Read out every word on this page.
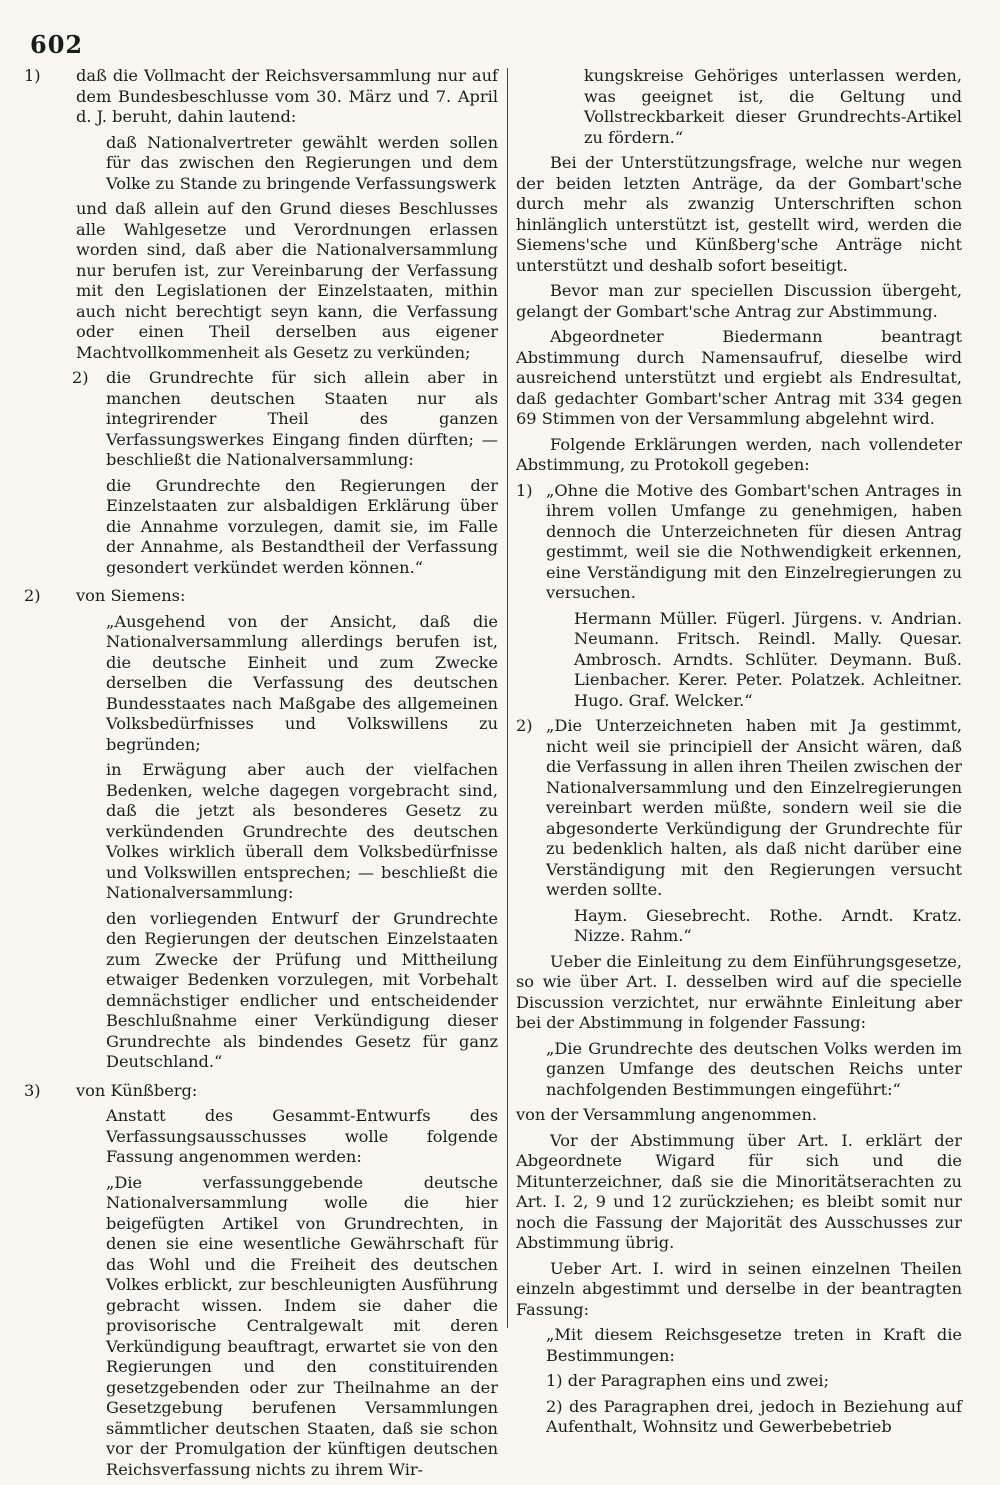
602

1) daß die Vollmacht der Reichsversammlung nur auf dem Bundesbeschlusse vom 30. März und 7. April d. J. beruht, dahin lautend:

daß Nationalvertreter gewählt werden sollen für das zwischen den Regierungen und dem Volke zu Stande zu bringende Verfassungswerk

und daß allein auf den Grund dieses Beschlusses alle Wahlgesetze und Verordnungen erlassen worden sind, daß aber die Nationalversammlung nur berufen ist, zur Vereinbarung der Verfassung mit den Legislationen der Einzelstaaten, mithin auch nicht berechtigt seyn kann, die Verfassung oder einen Theil derselben aus eigener Machtvollkommenheit als Gesetz zu verkünden;

2) die Grundrechte für sich allein aber in manchen deutschen Staaten nur als integrirender Theil des ganzen Verfassungswerkes Eingang finden dürften; — beschließt die Nationalversammlung:

die Grundrechte den Regierungen der Einzelstaaten zur alsbaldigen Erklärung über die Annahme vorzulegen, damit sie, im Falle der Annahme, als Bestandtheil der Verfassung gesondert verkündet werden können.“

2) von Siemens:

„Ausgehend von der Ansicht, daß die Nationalversammlung allerdings berufen ist, die deutsche Einheit und zum Zwecke derselben die Verfassung des deutschen Bundesstaates nach Maßgabe des allgemeinen Volksbedürfnisses und Volkswillens zu begründen;

in Erwägung aber auch der vielfachen Bedenken, welche dagegen vorgebracht sind, daß die jetzt als besonderes Gesetz zu verkündenden Grundrechte des deutschen Volkes wirklich überall dem Volksbedürfnisse und Volkswillen entsprechen; — beschließt die Nationalversammlung:

den vorliegenden Entwurf der Grundrechte den Regierungen der deutschen Einzelstaaten zum Zwecke der Prüfung und Mittheilung etwaiger Bedenken vorzulegen, mit Vorbehalt demnächstiger endlicher und entscheidender Beschlußnahme einer Verkündigung dieser Grundrechte als bindendes Gesetz für ganz Deutschland.“

3) von Künßberg:

Anstatt des Gesammt-Entwurfs des Verfassungsausschusses wolle folgende Fassung angenommen werden:

„Die verfassunggebende deutsche Nationalversammlung wolle die hier beigefügten Artikel von Grundrechten, in denen sie eine wesentliche Gewährschaft für das Wohl und die Freiheit des deutschen Volkes erblickt, zur beschleunigten Ausführung gebracht wissen. Indem sie daher die provisorische Centralgewalt mit deren Verkündigung beauftragt, erwartet sie von den Regierungen und den constituirenden gesetzgebenden oder zur Theilnahme an der Gesetzgebung berufenen Versammlungen sämmtlicher deutschen Staaten, daß sie schon vor der Promulgation der künftigen deutschen Reichsverfassung nichts zu ihrem Wir-

kungskreise Gehöriges unterlassen werden, was geeignet ist, die Geltung und Vollstreckbarkeit dieser Grundrechts-Artikel zu fördern.“

Bei der Unterstützungsfrage, welche nur wegen der beiden letzten Anträge, da der Gombart'sche durch mehr als zwanzig Unterschriften schon hinlänglich unterstützt ist, gestellt wird, werden die Siemens'sche und Künßberg'sche Anträge nicht unterstützt und deshalb sofort beseitigt.

Bevor man zur speciellen Discussion übergeht, gelangt der Gombart'sche Antrag zur Abstimmung.

Abgeordneter Biedermann beantragt Abstimmung durch Namensaufruf, dieselbe wird ausreichend unterstützt und ergiebt als Endresultat, daß gedachter Gombart'scher Antrag mit 334 gegen 69 Stimmen von der Versammlung abgelehnt wird.

Folgende Erklärungen werden, nach vollendeter Abstimmung, zu Protokoll gegeben:

1) „Ohne die Motive des Gombart'schen Antrages in ihrem vollen Umfange zu genehmigen, haben dennoch die Unterzeichneten für diesen Antrag gestimmt, weil sie die Nothwendigkeit erkennen, eine Verständigung mit den Einzelregierungen zu versuchen.

Hermann Müller. Fügerl. Jürgens. v. Andrian. Neumann. Fritsch. Reindl. Mally. Quesar. Ambrosch. Arndts. Schlüter. Deymann. Buß. Lienbacher. Kerer. Peter. Polatzek. Achleitner. Hugo. Graf. Welcker.“

2) „Die Unterzeichneten haben mit Ja gestimmt, nicht weil sie principiell der Ansicht wären, daß die Verfassung in allen ihren Theilen zwischen der Nationalversammlung und den Einzelregierungen vereinbart werden müßte, sondern weil sie die abgesonderte Verkündigung der Grundrechte für zu bedenklich halten, als daß nicht darüber eine Verständigung mit den Regierungen versucht werden sollte.

Haym. Giesebrecht. Rothe. Arndt. Kratz. Nizze. Rahm.“

Ueber die Einleitung zu dem Einführungsgesetze, so wie über Art. I. desselben wird auf die specielle Discussion verzichtet, nur erwähnte Einleitung aber bei der Abstimmung in folgender Fassung:

„Die Grundrechte des deutschen Volks werden im ganzen Umfange des deutschen Reichs unter nachfolgenden Bestimmungen eingeführt:“

von der Versammlung angenommen.

Vor der Abstimmung über Art. I. erklärt der Abgeordnete Wigard für sich und die Mitunterzeichner, daß sie die Minoritätserachten zu Art. I. 2, 9 und 12 zurückziehen; es bleibt somit nur noch die Fassung der Majorität des Ausschusses zur Abstimmung übrig.

Ueber Art. I. wird in seinen einzelnen Theilen einzeln abgestimmt und derselbe in der beantragten Fassung:

„Mit diesem Reichsgesetze treten in Kraft die Bestimmungen:

1) der Paragraphen eins und zwei;

2) des Paragraphen drei, jedoch in Beziehung auf Aufenthalt, Wohnsitz und Gewerbebetrieb
